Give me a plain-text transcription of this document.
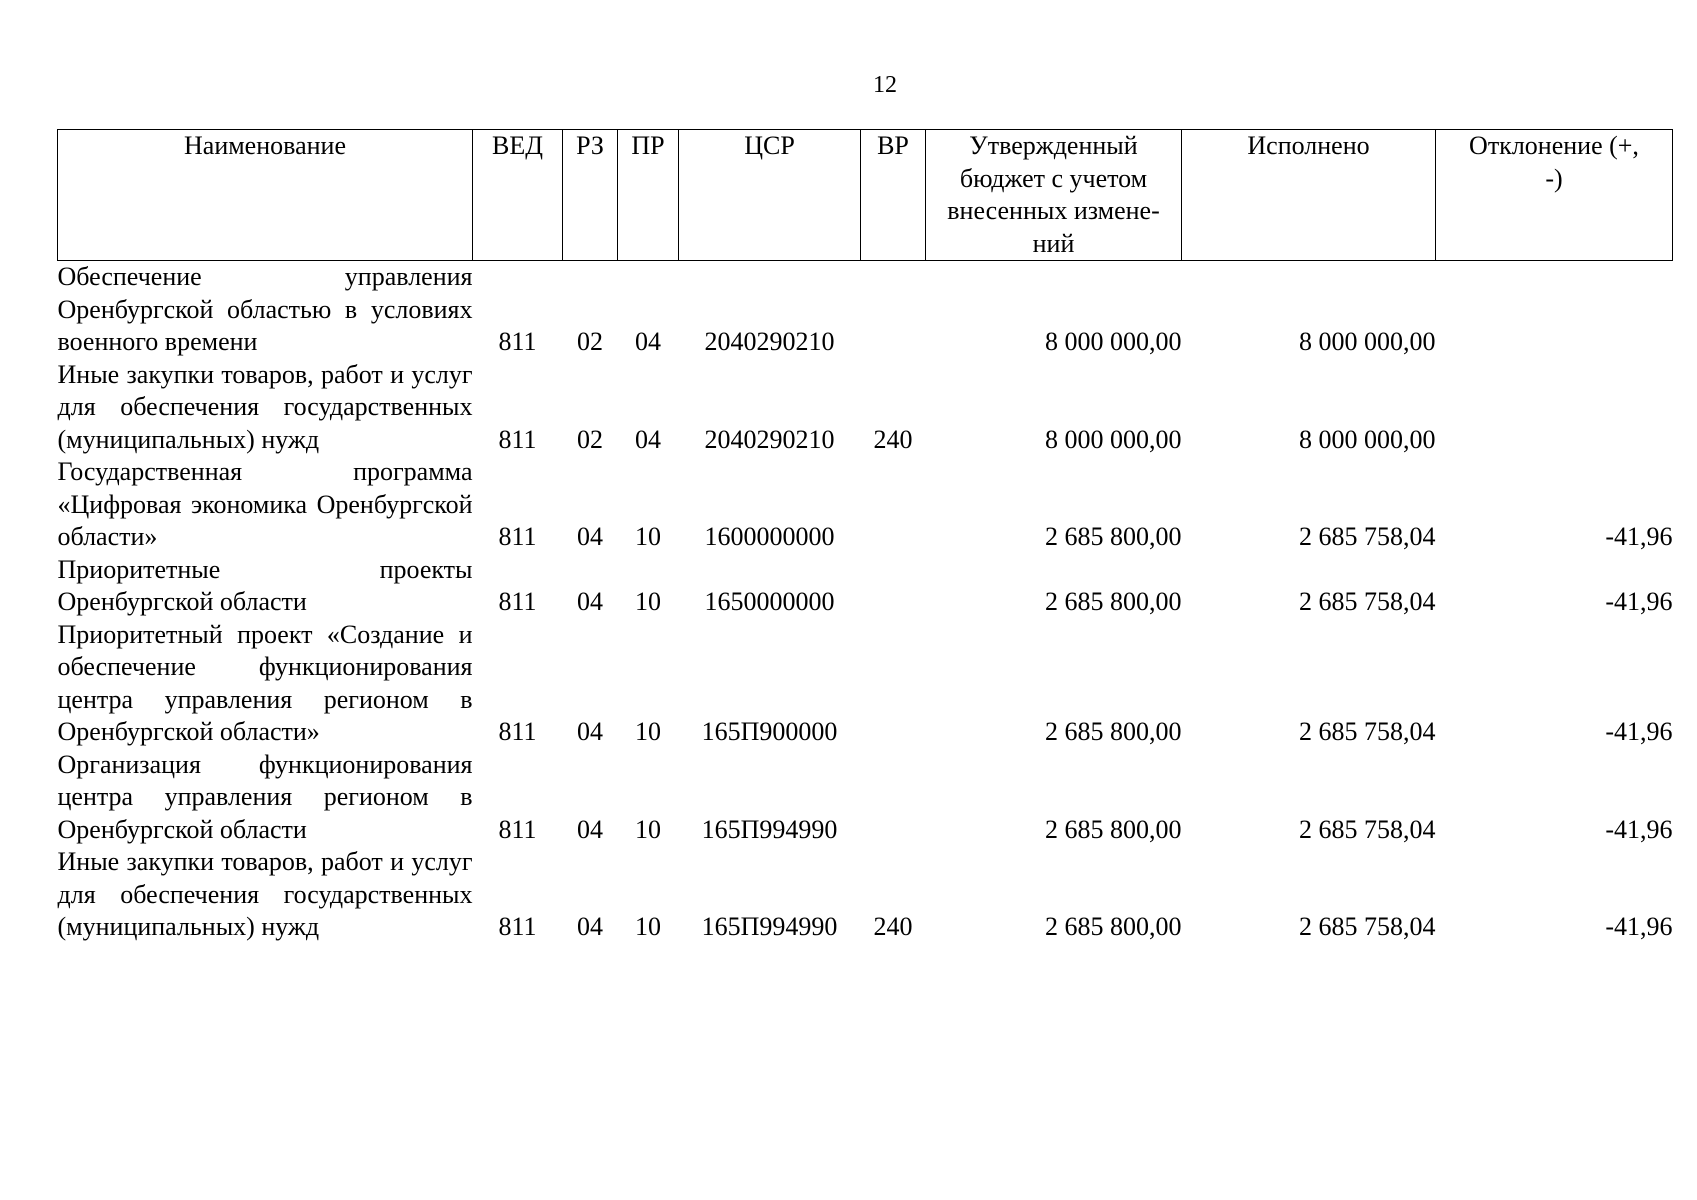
12
Наименование	ВЕД	РЗ	ПР	ЦСР	ВР	Утвержденный бюджет с учетом внесенных измене-ний	Исполнено	Отклонение (+, -)
Обеспечение управления Оренбургской областью в условиях военного времени	811	02	04	2040290210		8 000 000,00	8 000 000,00	
Иные закупки товаров, работ и услуг для обеспечения государственных (муниципальных) нужд	811	02	04	2040290210	240	8 000 000,00	8 000 000,00	
Государственная программа «Цифровая экономика Оренбургской области»	811	04	10	1600000000		2 685 800,00	2 685 758,04	-41,96
Приоритетные проекты Оренбургской области	811	04	10	1650000000		2 685 800,00	2 685 758,04	-41,96
Приоритетный проект «Создание и обеспечение функционирования центра управления регионом в Оренбургской области»	811	04	10	165П900000		2 685 800,00	2 685 758,04	-41,96
Организация функционирования центра управления регионом в Оренбургской области	811	04	10	165П994990		2 685 800,00	2 685 758,04	-41,96
Иные закупки товаров, работ и услуг для обеспечения государственных (муниципальных) нужд	811	04	10	165П994990	240	2 685 800,00	2 685 758,04	-41,96
